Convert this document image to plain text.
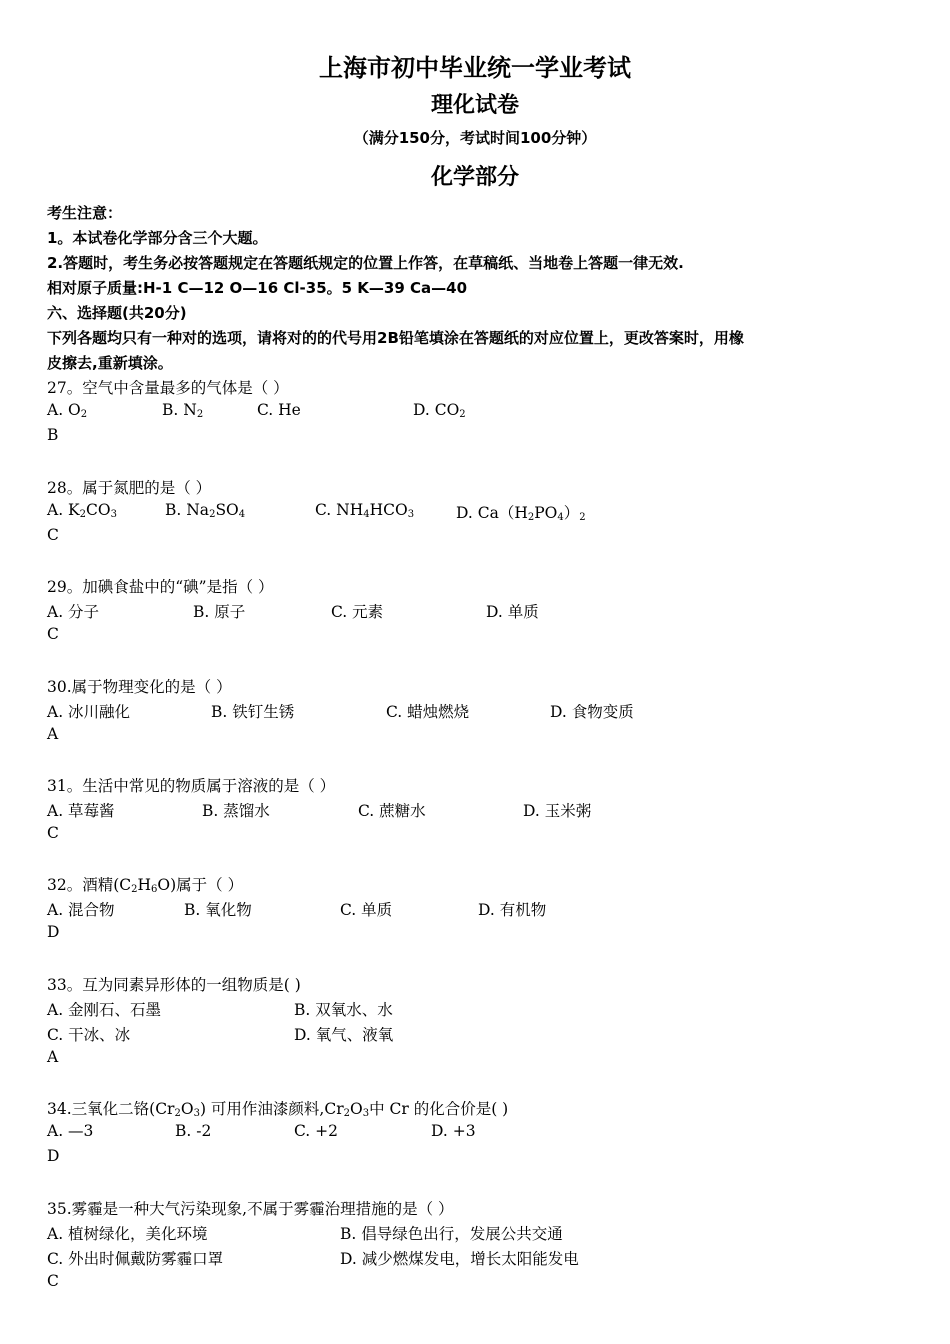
上海市初中毕业统一学业考试
理化试卷
（满分150分，考试时间100分钟）
化学部分
考生注意：
1。本试卷化学部分含三个大题。
2.答题时，考生务必按答题规定在答题纸规定的位置上作答，在草稿纸、当地卷上答题一律无效.
相对原子质量:H-1 C—12 O—16 Cl-35。5 K—39 Ca—40
六、选择题(共20分)
下列各题均只有一种对的选项，请将对的的代号用2B铅笔填涂在答题纸的对应位置上，更改答案时，用橡
皮擦去,重新填涂。
27。空气中含量最多的气体是（ ）
A. $O_2$	B. $N_2$	C. He	D. $CO_2$
B
28。属于氮肥的是（ ）
A. $K_2CO_3$	B. $Na_2SO_4$	C. $NH_4HCO_3$	D. $Ca(H_2PO_4)_2$
C
29。加碘食盐中的“碘”是指（ ）
A. 分子	B. 原子	C. 元素	D. 单质
C
30.属于物理变化的是（ ）
A. 冰川融化	B. 铁钉生锈	C. 蜡烛燃烧	D. 食物变质
A
31。生活中常见的物质属于溶液的是（ ）
A. 草莓酱	B. 蒸馏水	C. 蔗糖水	D. 玉米粥
C
32。酒精$(C_2H_6O)$属于（ ）
A. 混合物	B. 氧化物	C. 单质	D. 有机物
D
33。互为同素异形体的一组物质是( )
A. 金刚石、石墨	B. 双氧水、水
C. 干冰、冰	D. 氧气、液氧
A
34.三氧化二铬$(Cr_2O_3)$ 可用作油漆颜料$,Cr_2O_3$中 Cr 的化合价是( )
A. —3	B. -2	C. +2	D. +3
D
35.雾霾是一种大气污染现象,不属于雾霾治理措施的是（ ）
A. 植树绿化，美化环境	B. 倡导绿色出行，发展公共交通
C. 外出时佩戴防雾霾口罩	D. 减少燃煤发电，增长太阳能发电
C
